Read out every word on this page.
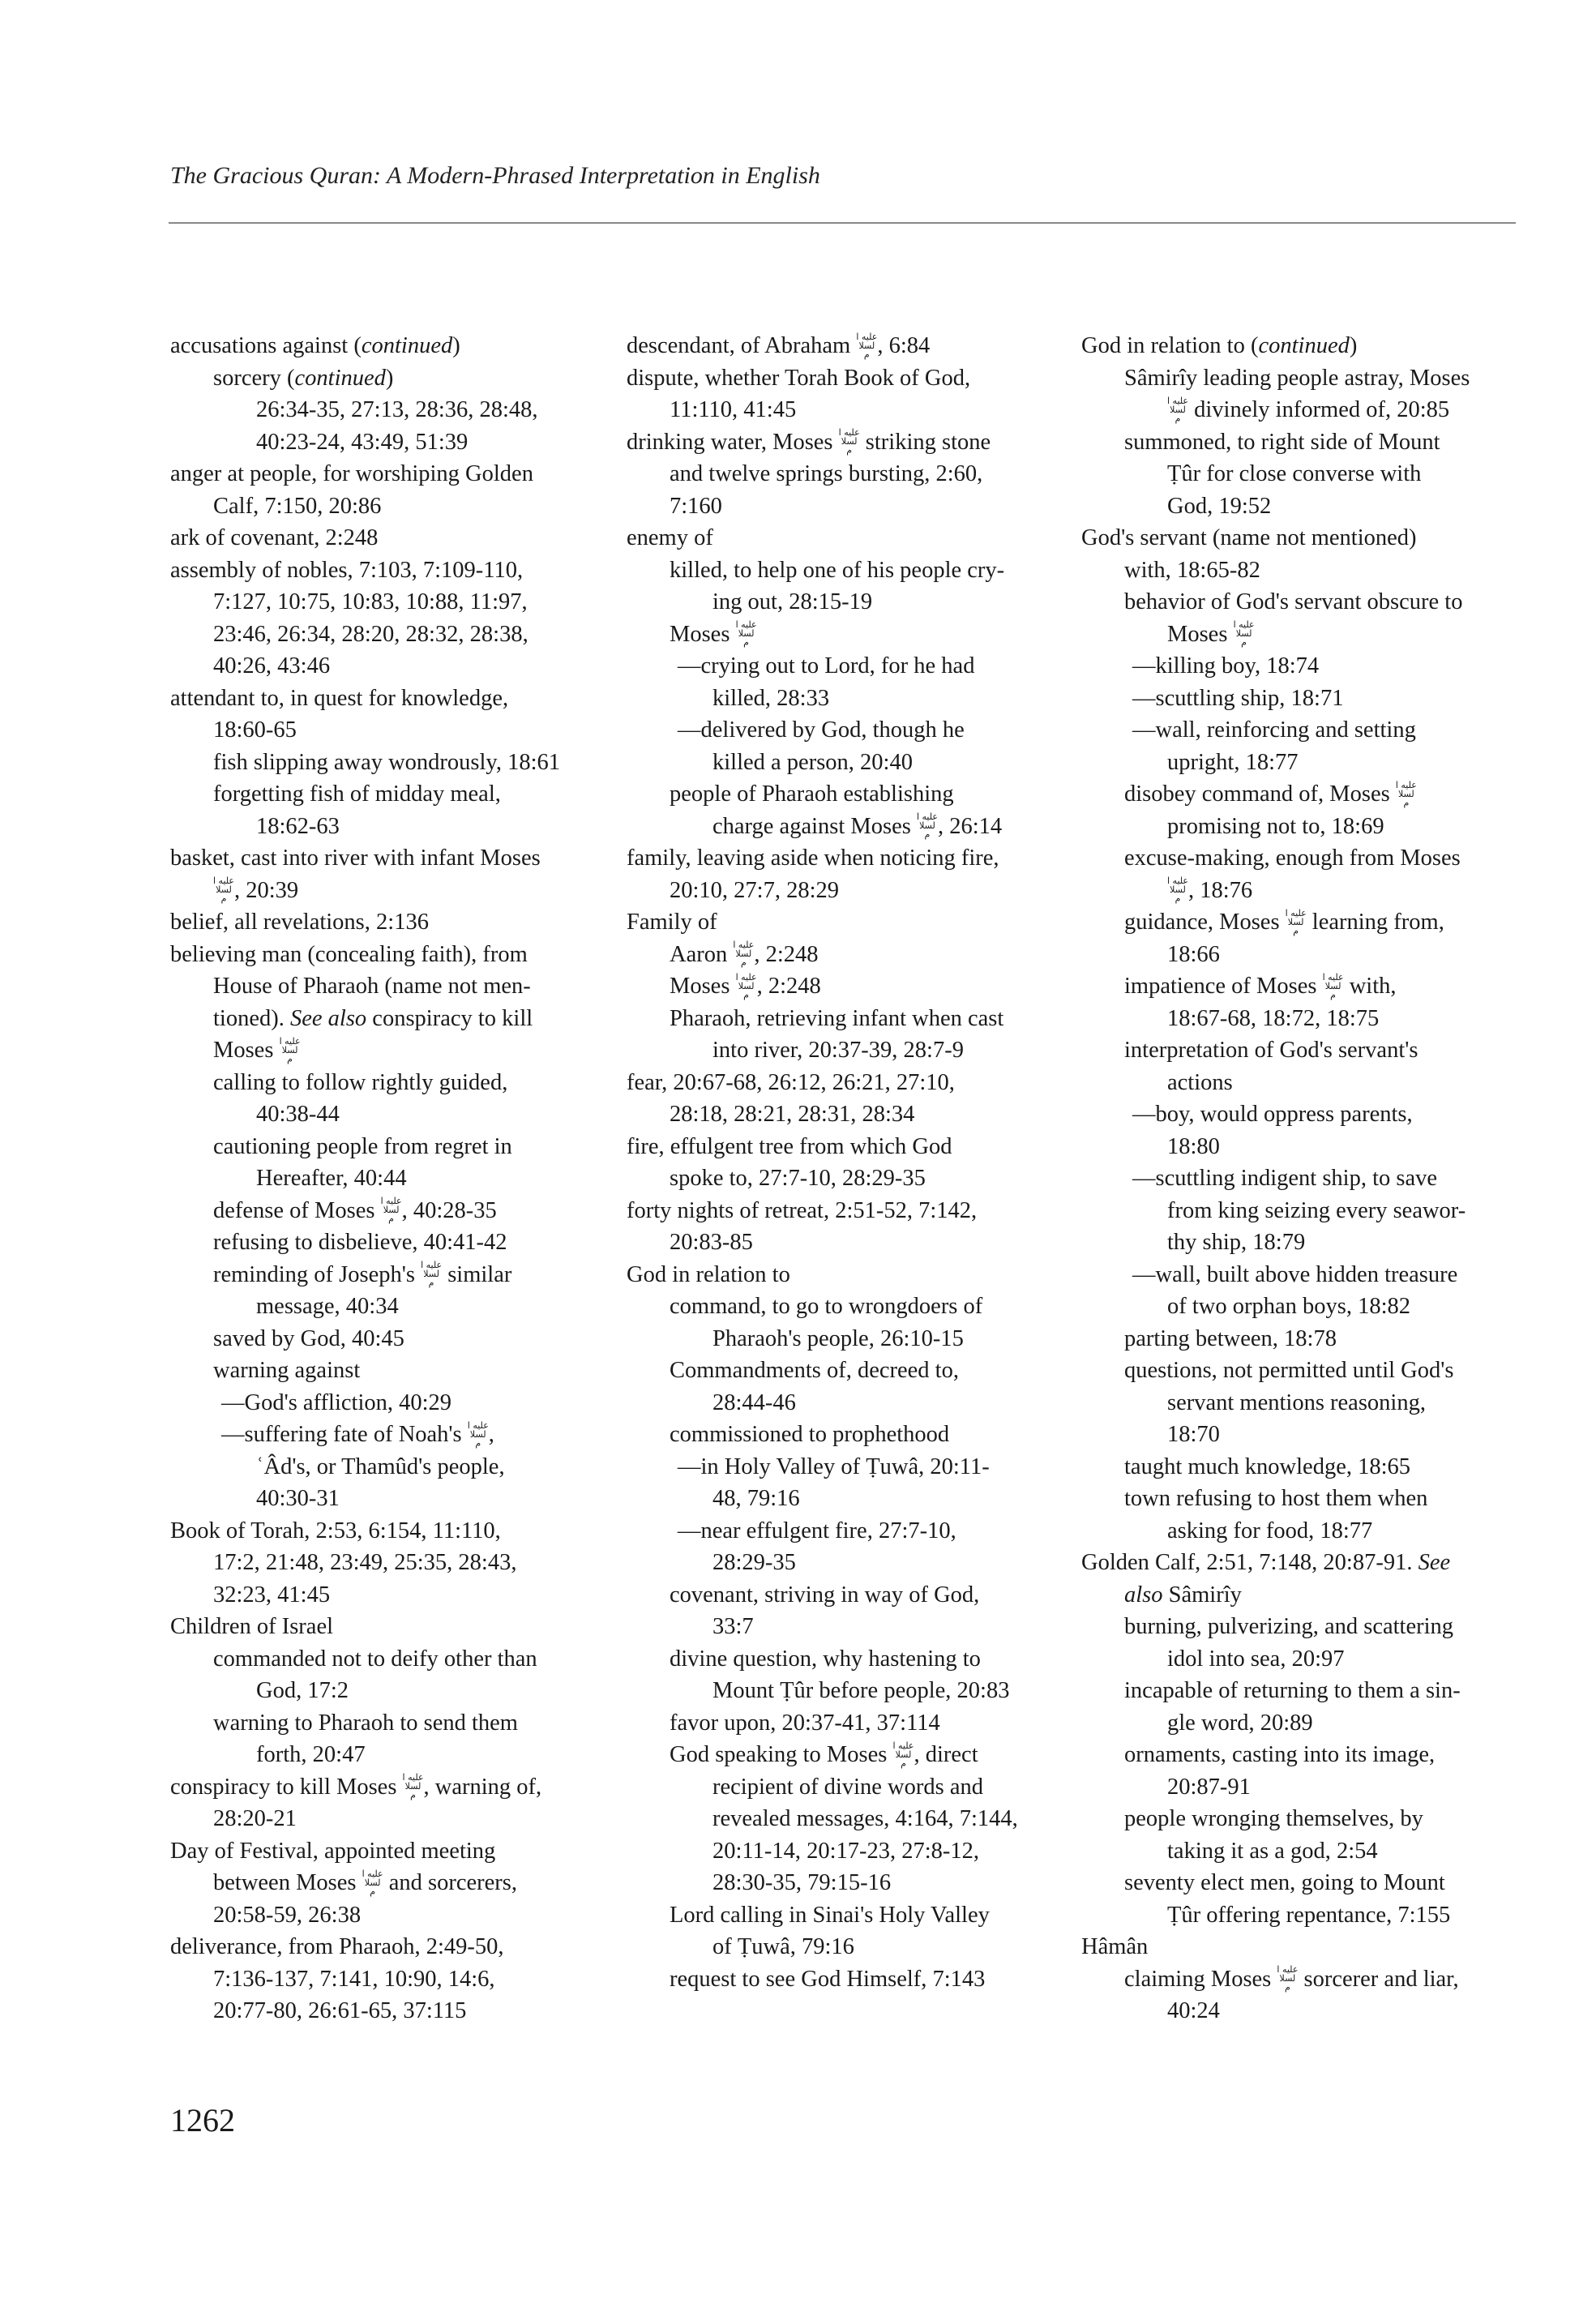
The Gracious Quran: A Modern-Phrased Interpretation in English
accusations against (continued)
sorcery (continued)
26:34-35, 27:13, 28:36, 28:48,
40:23-24, 43:49, 51:39
anger at people, for worshiping Golden
Calf, 7:150, 20:86
ark of covenant, 2:248
assembly of nobles, 7:103, 7:109-110,
7:127, 10:75, 10:83, 10:88, 11:97,
23:46, 26:34, 28:20, 28:32, 28:38,
40:26, 43:46
attendant to, in quest for knowledge,
18:60-65
fish slipping away wondrously, 18:61
forgetting fish of midday meal,
18:62-63
basket, cast into river with infant Moses
عليه السلام , 20:39
belief, all revelations, 2:136
believing man (concealing faith), from
House of Pharaoh (name not men-
tioned). See also conspiracy to kill
Moses عليه السلام
calling to follow rightly guided,
40:38-44
cautioning people from regret in
Hereafter, 40:44
defense of Moses عليه السلام , 40:28-35
refusing to disbelieve, 40:41-42
reminding of Joseph's عليه السلام similar
message, 40:34
saved by God, 40:45
warning against
—God's affliction, 40:29
—suffering fate of Noah's عليه السلام ,
ʿÂd's, or Thamûd's people,
40:30-31
Book of Torah, 2:53, 6:154, 11:110,
17:2, 21:48, 23:49, 25:35, 28:43,
32:23, 41:45
Children of Israel
commanded not to deify other than
God, 17:2
warning to Pharaoh to send them
forth, 20:47
conspiracy to kill Moses عليه السلام , warning of,
28:20-21
Day of Festival, appointed meeting
between Moses عليه السلام and sorcerers,
20:58-59, 26:38
deliverance, from Pharaoh, 2:49-50,
7:136-137, 7:141, 10:90, 14:6,
20:77-80, 26:61-65, 37:115
descendant, of Abraham عليه السلام , 6:84
dispute, whether Torah Book of God,
11:110, 41:45
drinking water, Moses عليه السلام striking stone
and twelve springs bursting, 2:60,
7:160
enemy of
killed, to help one of his people cry-
ing out, 28:15-19
Moses عليه السلام
—crying out to Lord, for he had
killed, 28:33
—delivered by God, though he
killed a person, 20:40
people of Pharaoh establishing
charge against Moses عليه السلام , 26:14
family, leaving aside when noticing fire,
20:10, 27:7, 28:29
Family of
Aaron عليه السلام , 2:248
Moses عليه السلام , 2:248
Pharaoh, retrieving infant when cast
into river, 20:37-39, 28:7-9
fear, 20:67-68, 26:12, 26:21, 27:10,
28:18, 28:21, 28:31, 28:34
fire, effulgent tree from which God
spoke to, 27:7-10, 28:29-35
forty nights of retreat, 2:51-52, 7:142,
20:83-85
God in relation to
command, to go to wrongdoers of
Pharaoh's people, 26:10-15
Commandments of, decreed to,
28:44-46
commissioned to prophethood
—in Holy Valley of Ṭuwâ, 20:11-
48, 79:16
—near effulgent fire, 27:7-10,
28:29-35
covenant, striving in way of God,
33:7
divine question, why hastening to
Mount Ṭûr before people, 20:83
favor upon, 20:37-41, 37:114
God speaking to Moses عليه السلام , direct
recipient of divine words and
revealed messages, 4:164, 7:144,
20:11-14, 20:17-23, 27:8-12,
28:30-35, 79:15-16
Lord calling in Sinai's Holy Valley
of Ṭuwâ, 79:16
request to see God Himself, 7:143
God in relation to (continued)
Sâmirîy leading people astray, Moses
عليه السلام divinely informed of, 20:85
summoned, to right side of Mount
Ṭûr for close converse with
God, 19:52
God's servant (name not mentioned)
with, 18:65-82
behavior of God's servant obscure to
Moses عليه السلام
—killing boy, 18:74
—scuttling ship, 18:71
—wall, reinforcing and setting
upright, 18:77
disobey command of, Moses عليه السلام
promising not to, 18:69
excuse-making, enough from Moses
عليه السلام , 18:76
guidance, Moses عليه السلام learning from,
18:66
impatience of Moses عليه السلام with,
18:67-68, 18:72, 18:75
interpretation of God's servant's
actions
—boy, would oppress parents,
18:80
—scuttling indigent ship, to save
from king seizing every seawor-
thy ship, 18:79
—wall, built above hidden treasure
of two orphan boys, 18:82
parting between, 18:78
questions, not permitted until God's
servant mentions reasoning,
18:70
taught much knowledge, 18:65
town refusing to host them when
asking for food, 18:77
Golden Calf, 2:51, 7:148, 20:87-91. See
also Sâmirîy
burning, pulverizing, and scattering
idol into sea, 20:97
incapable of returning to them a sin-
gle word, 20:89
ornaments, casting into its image,
20:87-91
people wronging themselves, by
taking it as a god, 2:54
seventy elect men, going to Mount
Ṭûr offering repentance, 7:155
Hâmân
claiming Moses عليه السلام sorcerer and liar,
40:24
1262
